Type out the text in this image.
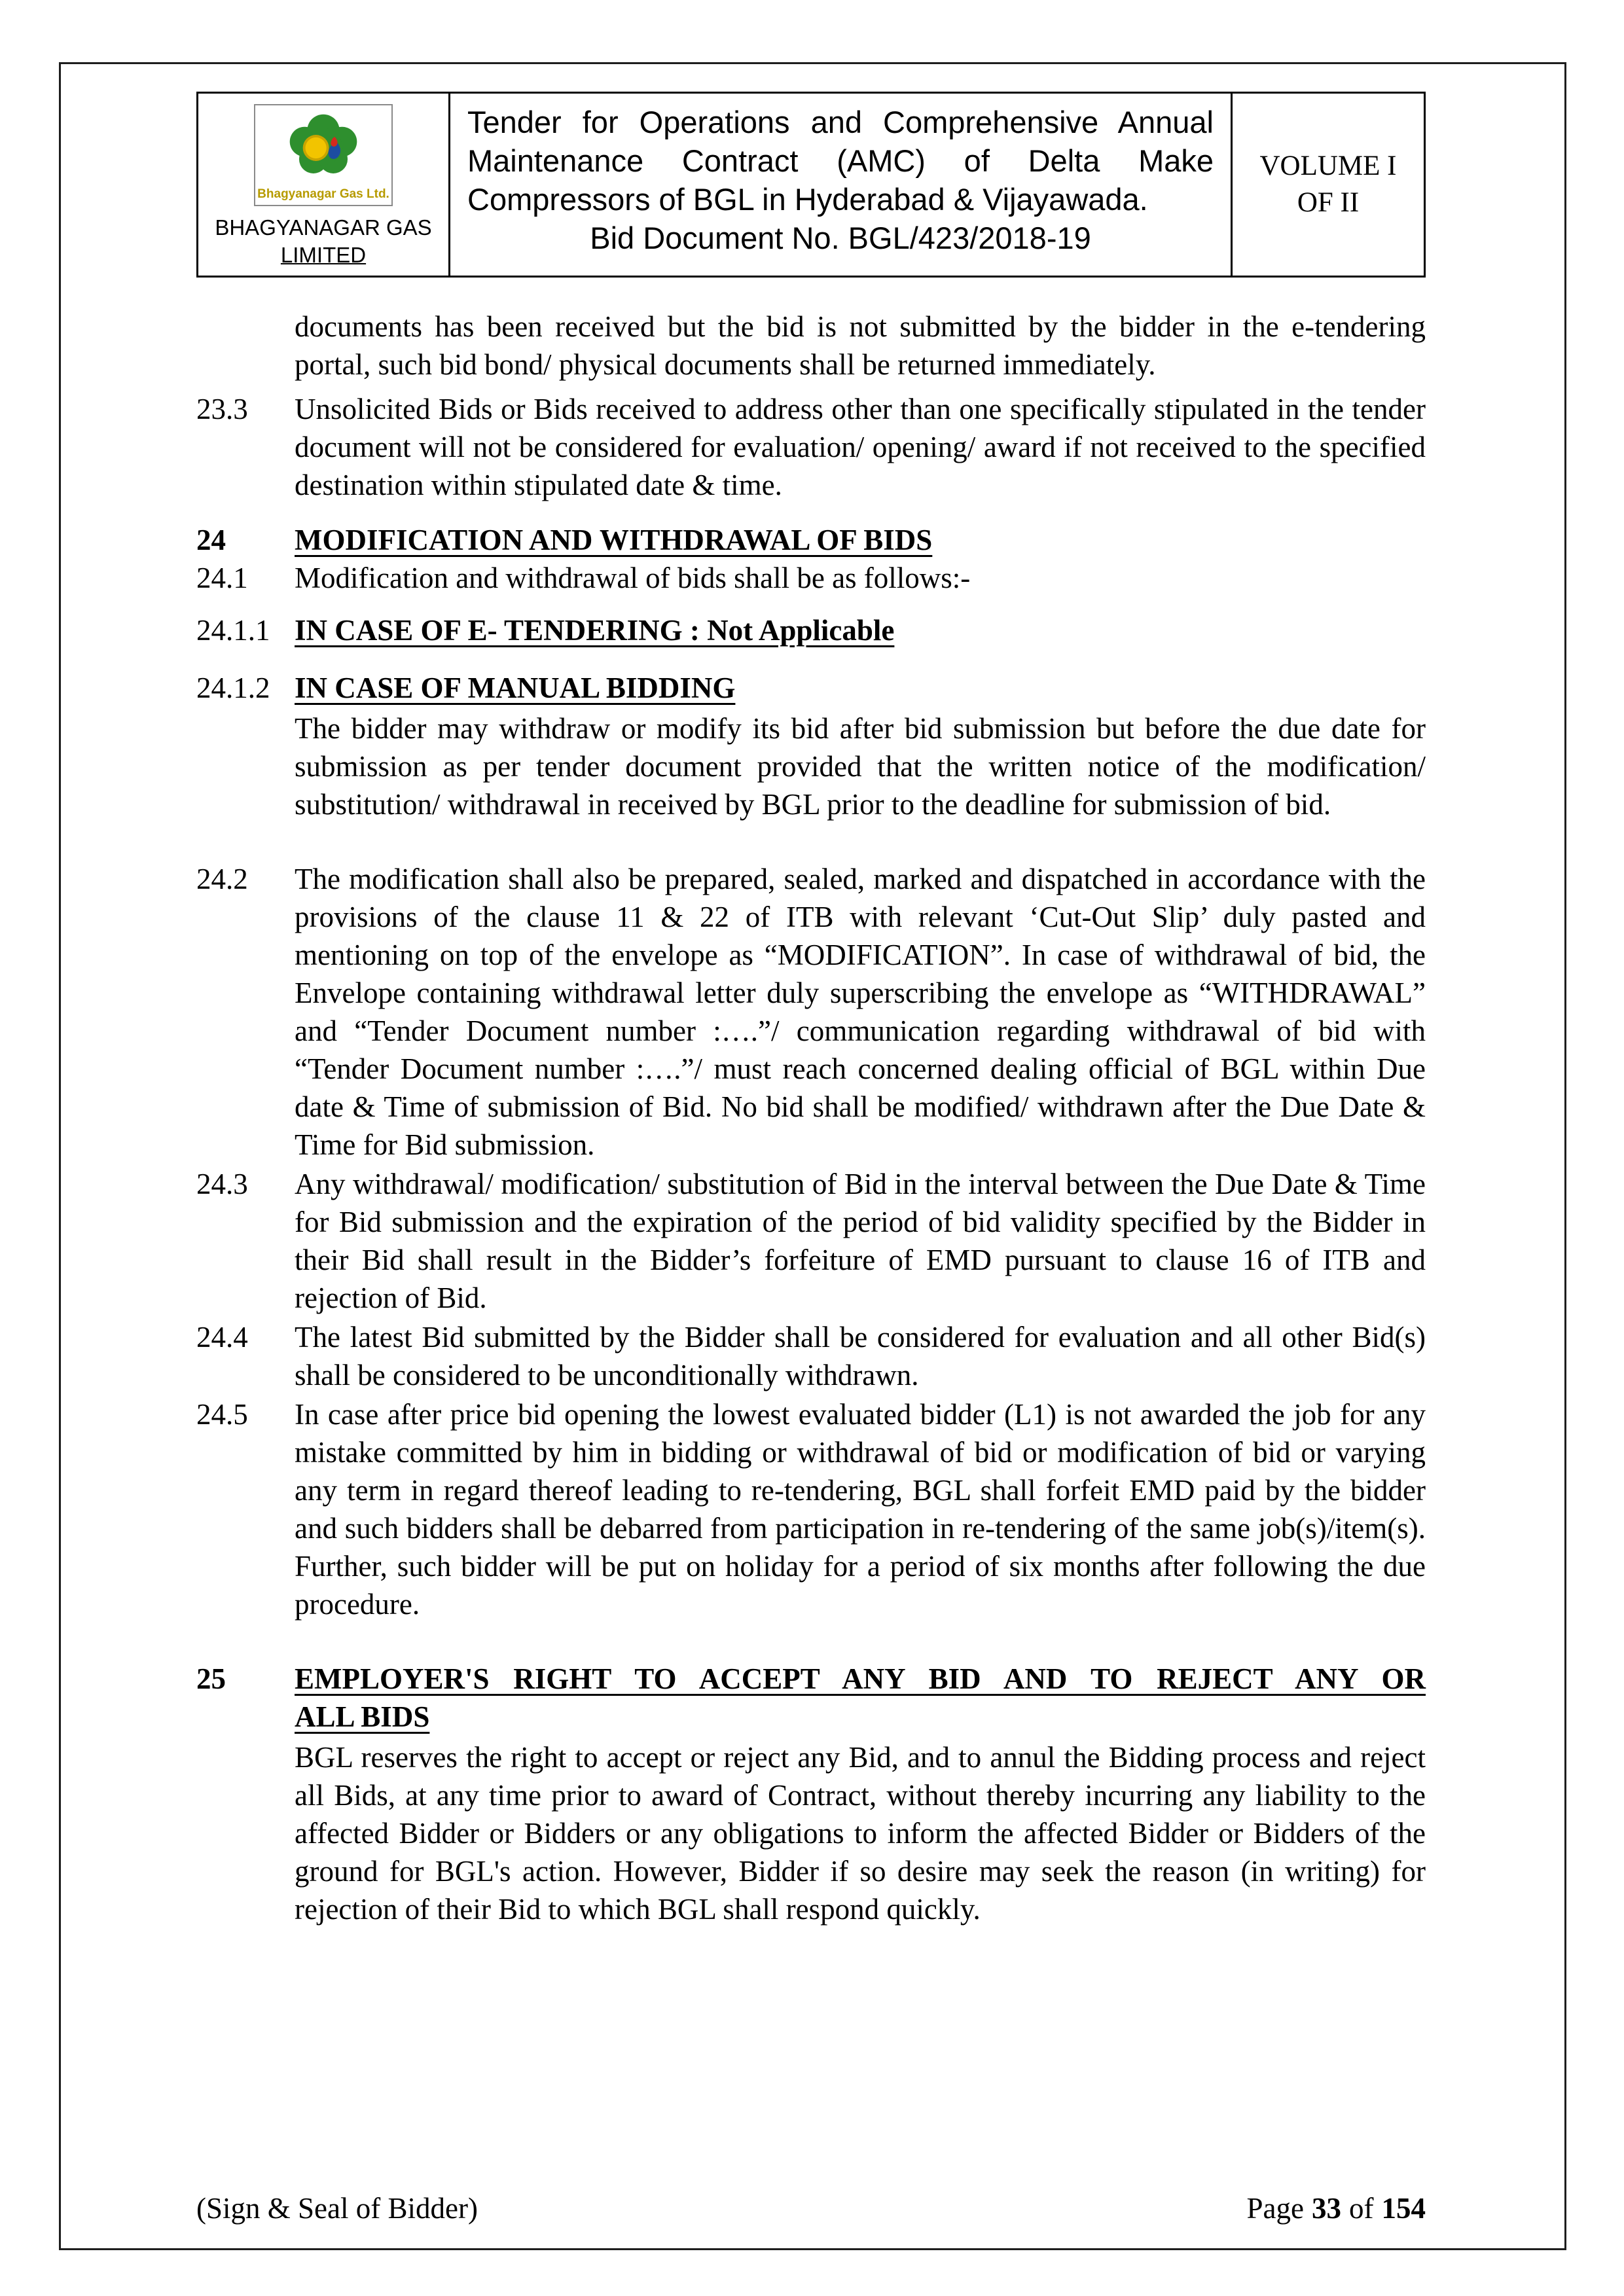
Bhagyanagar Gas Ltd.
BHAGYANAGAR GAS
LIMITED
Tender for Operations and Comprehensive Annual Maintenance Contract (AMC) of Delta Make Compressors of BGL in Hyderabad & Vijayawada.
Bid Document No. BGL/423/2018-19
VOLUME I
OF II
documents has been received but the bid is not submitted by the bidder in the e-tendering portal, such bid bond/ physical documents shall be returned immediately.
23.3	Unsolicited Bids or Bids received to address other than one specifically stipulated in the tender document will not be considered for evaluation/ opening/ award if not received to the specified destination within stipulated date & time.
24	MODIFICATION AND WITHDRAWAL OF BIDS
24.1	Modification and withdrawal of bids shall be as follows:-
24.1.1 IN CASE OF E- TENDERING : Not Applicable
24.1.2 IN CASE OF MANUAL BIDDING
The bidder may withdraw or modify its bid after bid submission but before the due date for submission as per tender document provided that the written notice of the modification/ substitution/ withdrawal in received by BGL prior to the deadline for submission of bid.
24.2	The modification shall also be prepared, sealed, marked and dispatched in accordance with the provisions of the clause 11 & 22 of ITB with relevant ‘Cut-Out Slip’ duly pasted and mentioning on top of the envelope as “MODIFICATION”. In case of withdrawal of bid, the Envelope containing withdrawal letter duly superscribing the envelope as “WITHDRAWAL” and “Tender Document number :….”/ communication regarding withdrawal of bid with “Tender Document number :….”/ must reach concerned dealing official of BGL within Due date & Time of submission of Bid. No bid shall be modified/ withdrawn after the Due Date & Time for Bid submission.
24.3	Any withdrawal/ modification/ substitution of Bid in the interval between the Due Date & Time for Bid submission and the expiration of the period of bid validity specified by the Bidder in their Bid shall result in the Bidder’s forfeiture of EMD pursuant to clause 16 of ITB and rejection of Bid.
24.4	The latest Bid submitted by the Bidder shall be considered for evaluation and all other Bid(s) shall be considered to be unconditionally withdrawn.
24.5	In case after price bid opening the lowest evaluated bidder (L1) is not awarded the job for any mistake committed by him in bidding or withdrawal of bid or modification of bid or varying any term in regard thereof leading to re-tendering, BGL shall forfeit EMD paid by the bidder and such bidders shall be debarred from participation in re-tendering of the same job(s)/item(s). Further, such bidder will be put on holiday for a period of six months after following the due procedure.
25	EMPLOYER'S RIGHT TO ACCEPT ANY BID AND TO REJECT ANY OR
ALL BIDS
BGL reserves the right to accept or reject any Bid, and to annul the Bidding process and reject all Bids, at any time prior to award of Contract, without thereby incurring any liability to the affected Bidder or Bidders or any obligations to inform the affected Bidder or Bidders of the ground for BGL's action. However, Bidder if so desire may seek the reason (in writing) for rejection of their Bid to which BGL shall respond quickly.
(Sign & Seal of Bidder)	Page 33 of 154
